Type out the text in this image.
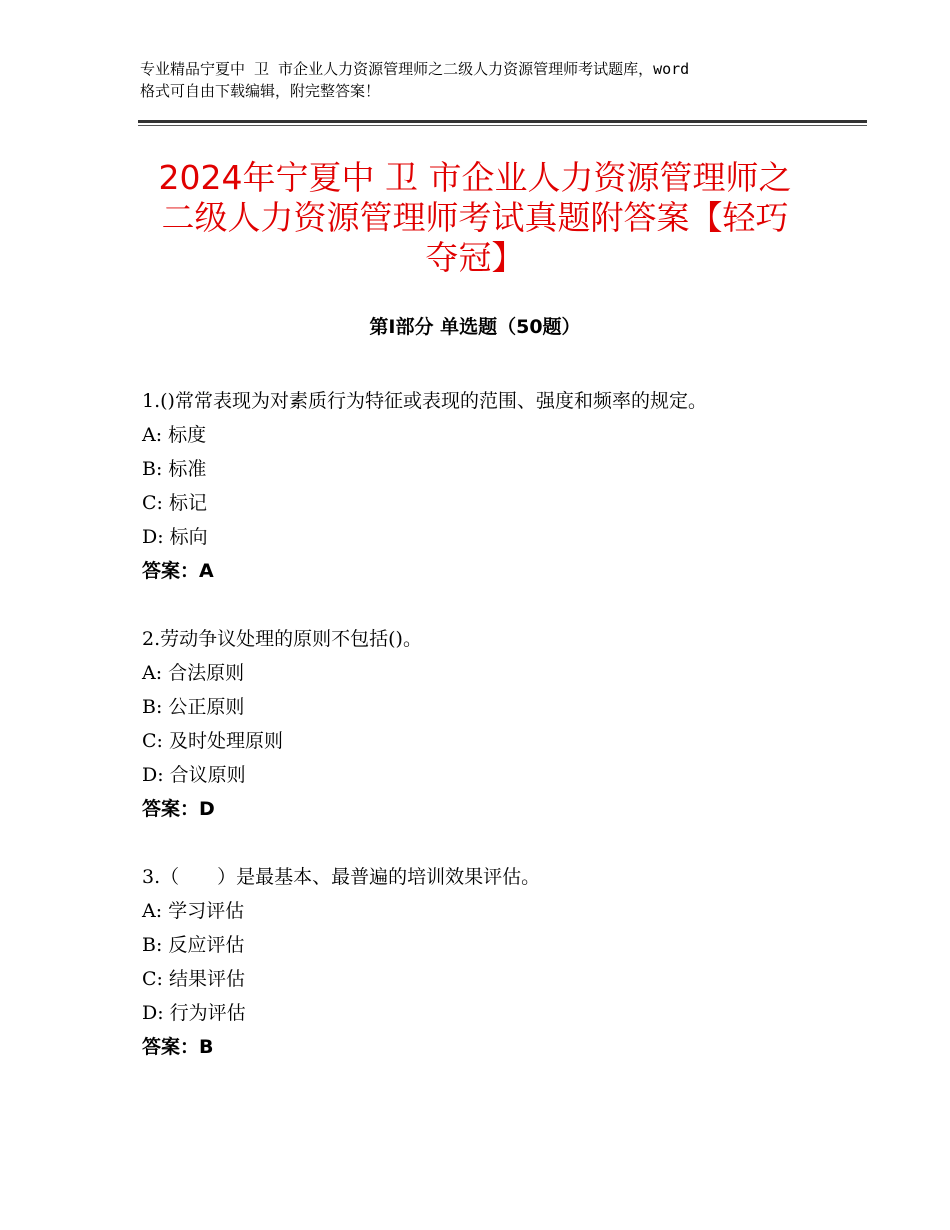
专业精品宁夏中 卫 市企业人力资源管理师之二级人力资源管理师考试题库，word
格式可自由下载编辑，附完整答案！
2024年宁夏中 卫 市企业人力资源管理师之
二级人力资源管理师考试真题附答案【轻巧
夺冠】
第Ⅰ部分 单选题（50题）
1.()常常表现为对素质行为特征或表现的范围、强度和频率的规定。
A: 标度
B: 标准
C: 标记
D: 标向
答案：A
2.劳动争议处理的原则不包括()。
A: 合法原则
B: 公正原则
C: 及时处理原则
D: 合议原则
答案：D
3.（　　）是最基本、最普遍的培训效果评估。
A: 学习评估
B: 反应评估
C: 结果评估
D: 行为评估
答案：B
